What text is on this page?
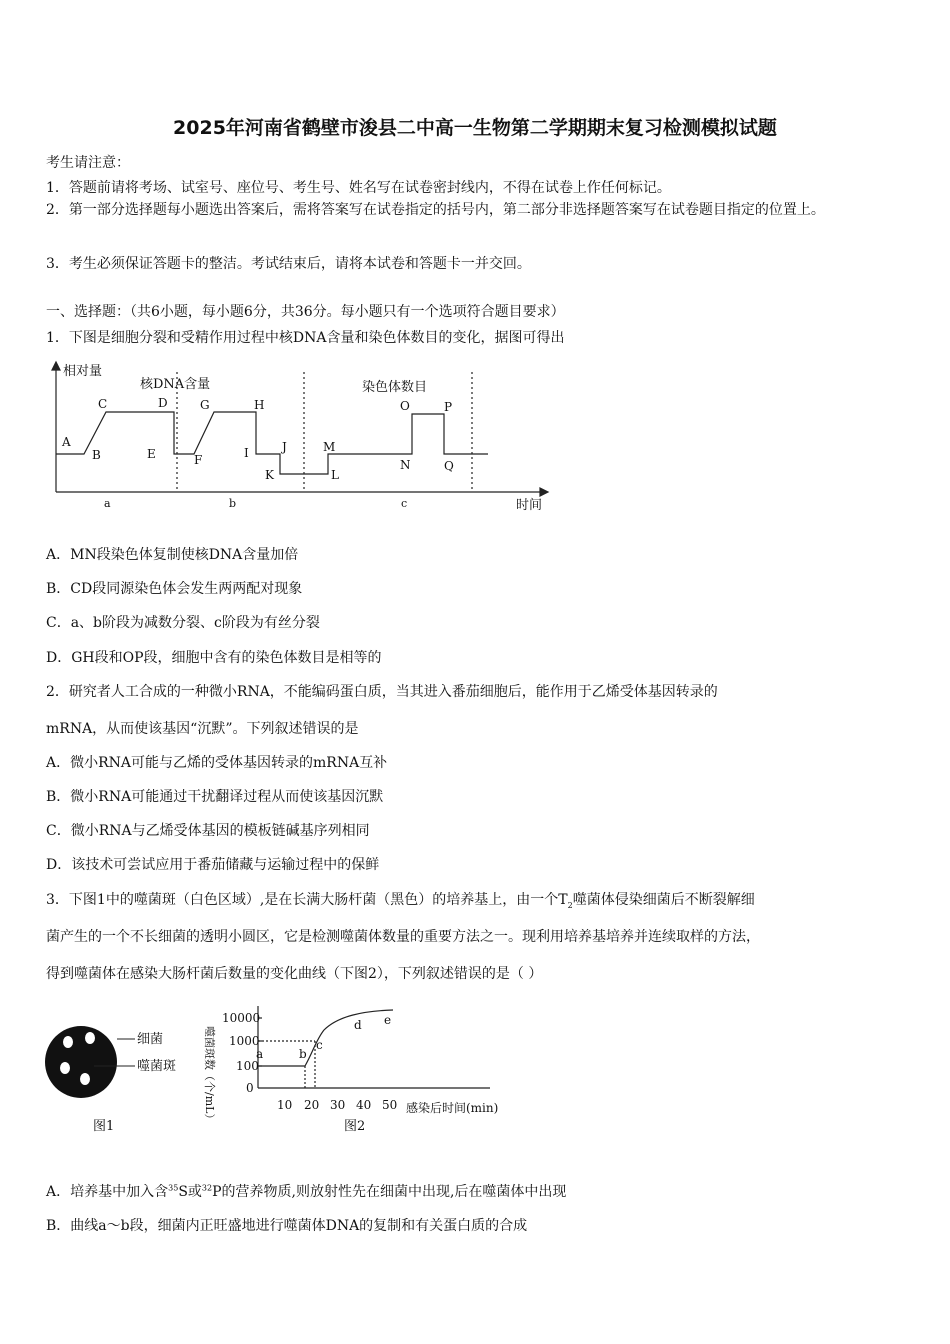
2025年河南省鹤壁市浚县二中高一生物第二学期期末复习检测模拟试题
考生请注意：
1．答题前请将考场、试室号、座位号、考生号、姓名写在试卷密封线内，不得在试卷上作任何标记。
2．第一部分选择题每小题选出答案后，需将答案写在试卷指定的括号内，第二部分非选择题答案写在试卷题目指定的位置上。
3．考生必须保证答题卡的整洁。考试结束后，请将本试卷和答题卡一并交回。
一、选择题：（共6小题，每小题6分，共36分。每小题只有一个选项符合题目要求）
1．下图是细胞分裂和受精作用过程中核DNA含量和染色体数目的变化，据图可得出
相对量
核DNA含量	染色体数目
A
B
C	D
E	F
G	H
I	J
K	L
M
N
O	P
Q
a	b	c	时间
A．MN段染色体复制使核DNA含量加倍
B．CD段同源染色体会发生两两配对现象
C．a、b阶段为减数分裂、c阶段为有丝分裂
D．GH段和OP段，细胞中含有的染色体数目是相等的
2．研究者人工合成的一种微小RNA，不能编码蛋白质，当其进入番茄细胞后，能作用于乙烯受体基因转录的
mRNA，从而使该基因“沉默”。下列叙述错误的是
A．微小RNA可能与乙烯的受体基因转录的mRNA互补
B．微小RNA可能通过干扰翻译过程从而使该基因沉默
C．微小RNA与乙烯受体基因的模板链碱基序列相同
D．该技术可尝试应用于番茄储藏与运输过程中的保鲜
3．下图1中的噬菌斑（白色区域）,是在长满大肠杆菌（黑色）的培养基上，由一个$T_2$噬菌体侵染细菌后不断裂解细
菌产生的一个不长细菌的透明小圆区，它是检测噬菌体数量的重要方法之一。现利用培养基培养并连续取样的方法，
得到噬菌体在感染大肠杆菌后数量的变化曲线（下图2），下列叙述错误的是（ ）
细菌
噬菌斑
图1
噬菌斑数（个/mL）
10000
1000
100
0
10 20 30 40 50 感染后时间(min)
a	b
c
d e
图2
A．培养基中加入含$^{35}$S或$^{32}$P的营养物质,则放射性先在细菌中出现,后在噬菌体中出现
B．曲线a～b段，细菌内正旺盛地进行噬菌体DNA的复制和有关蛋白质的合成
